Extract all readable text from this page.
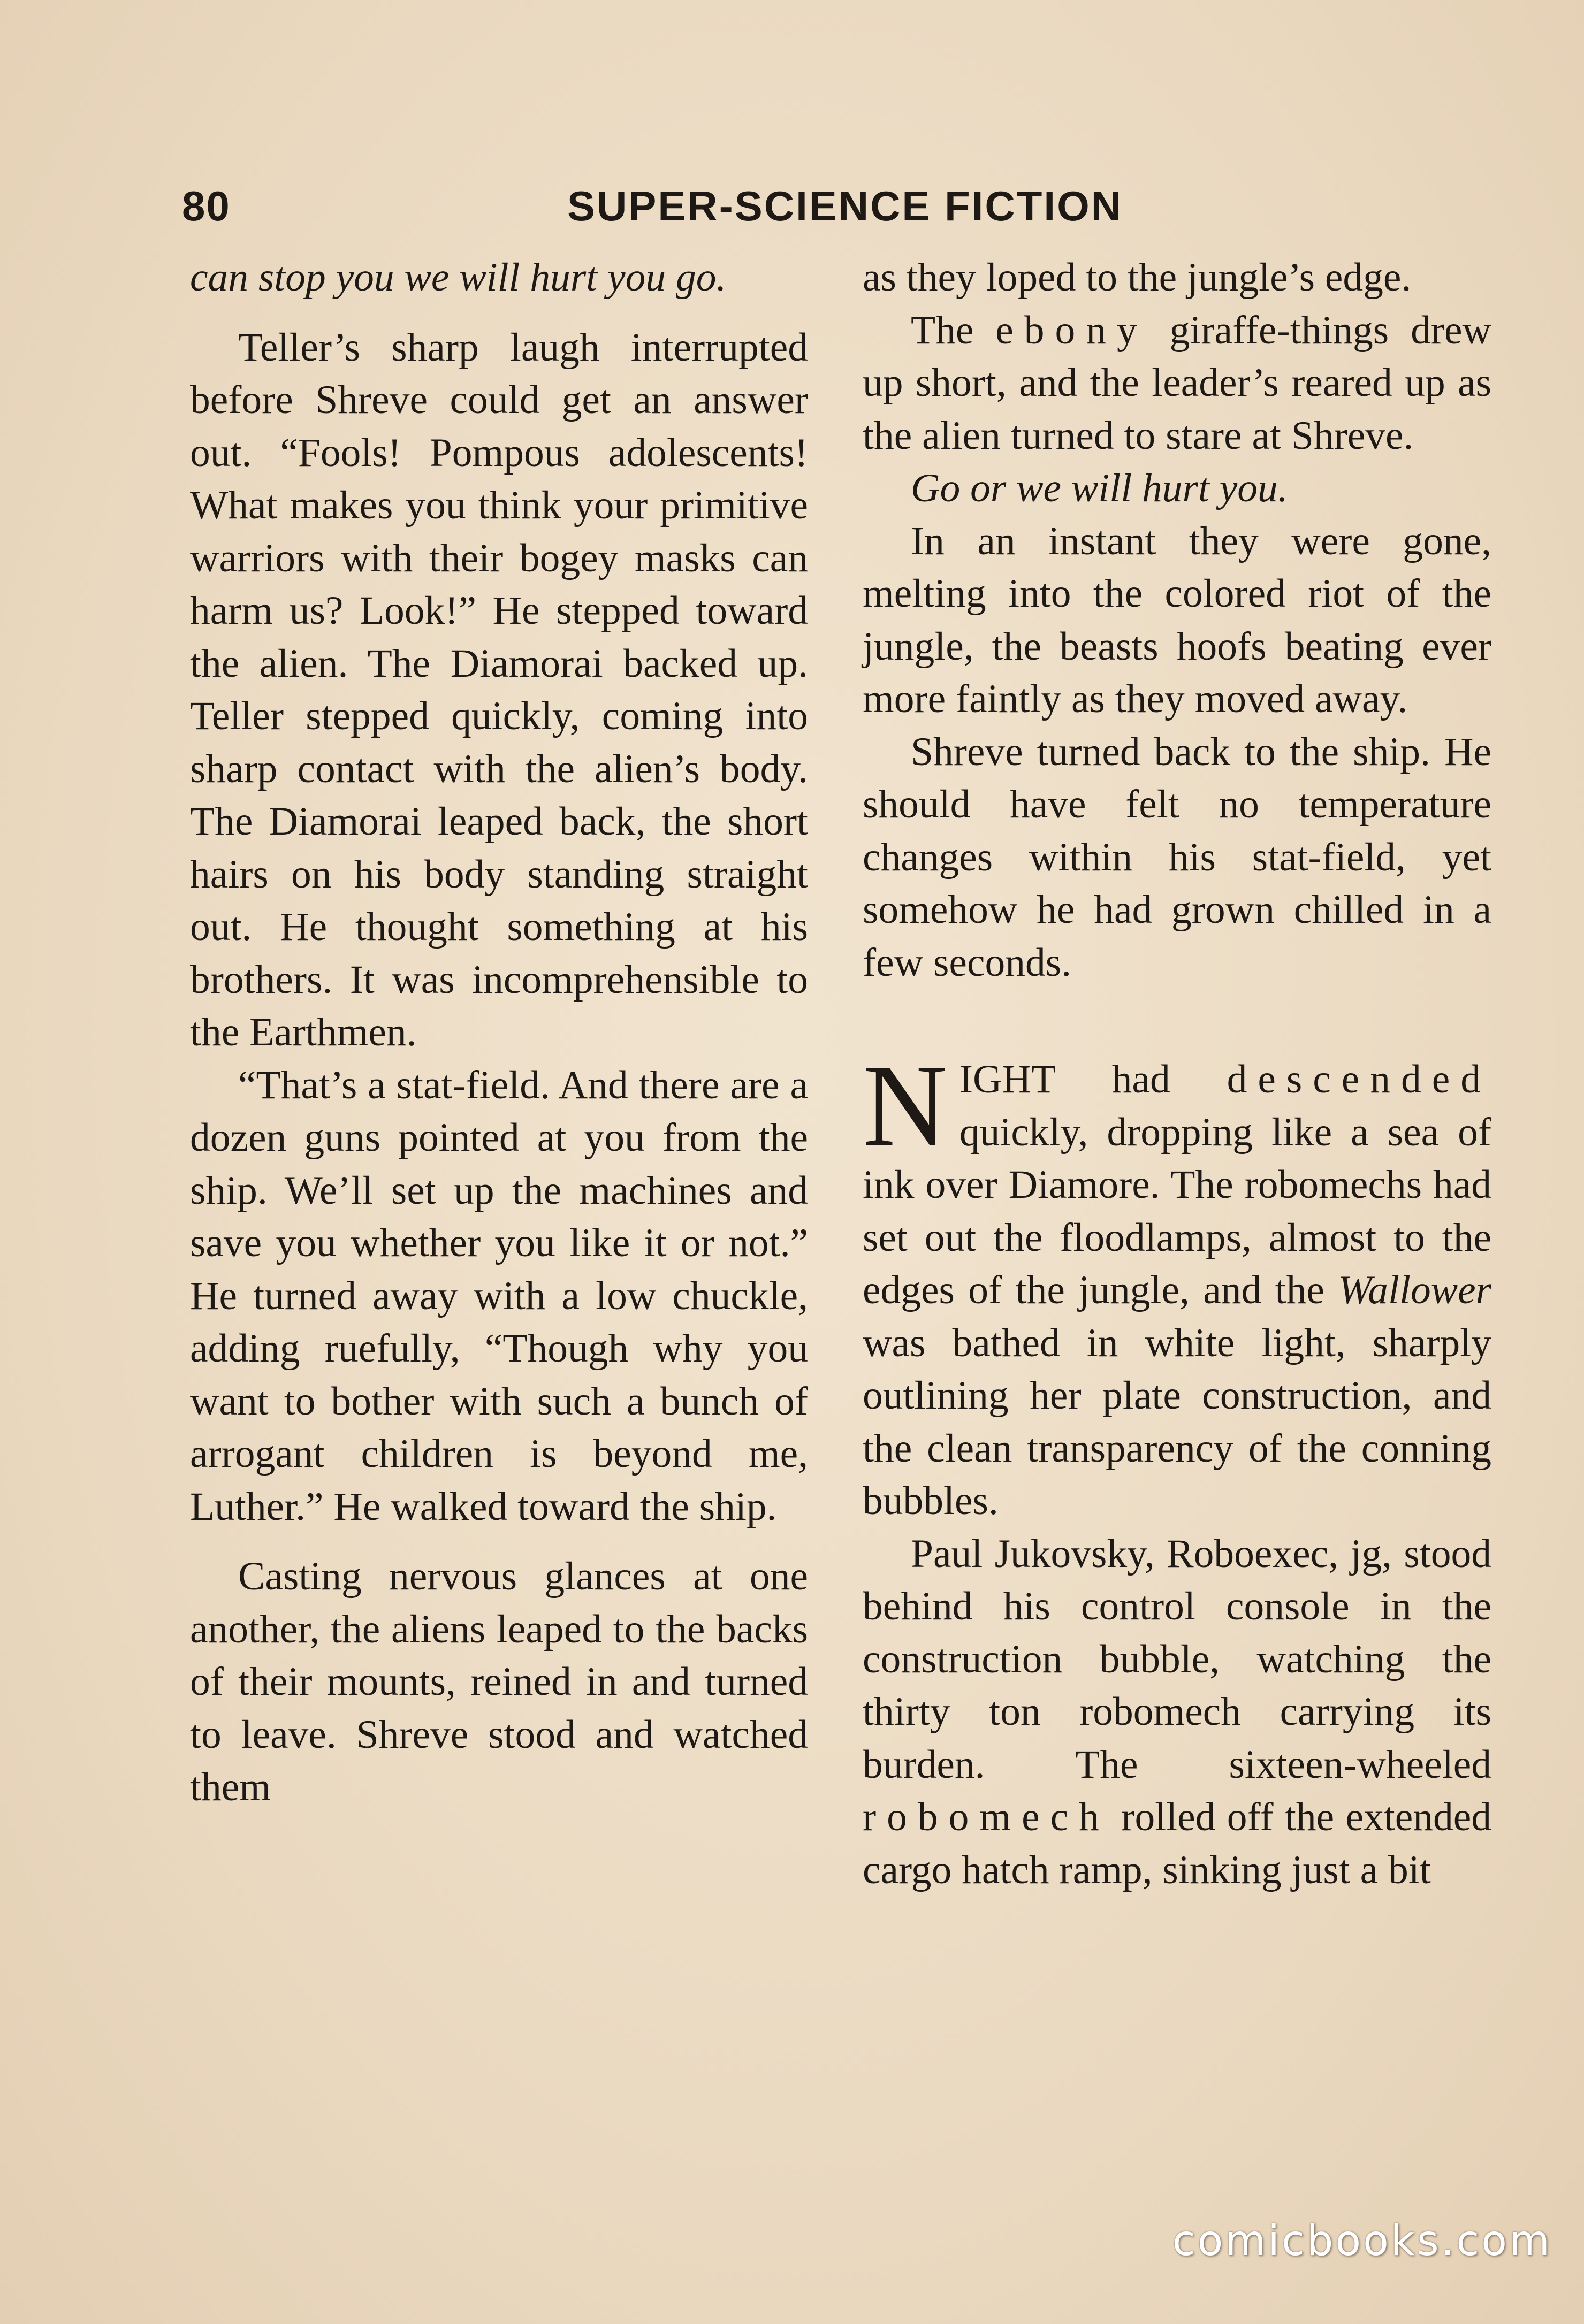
80	SUPER-SCIENCE FICTION

can stop you we will hurt you go.

Teller’s sharp laugh interrupted before Shreve could get an answer out. “Fools! Pompous adolescents! What makes you think your primitive warriors with their bogey masks can harm us? Look!” He stepped toward the alien. The Diamorai backed up. Teller stepped quickly, coming into sharp contact with the alien’s body. The Diamorai leaped back, the short hairs on his body standing straight out. He thought something at his brothers. It was incomprehensible to the Earthmen.

“That’s a stat-field. And there are a dozen guns pointed at you from the ship. We’ll set up the machines and save you whether you like it or not.” He turned away with a low chuckle, adding ruefully, “Though why you want to bother with such a bunch of arrogant children is beyond me, Luther.” He walked toward the ship.

Casting nervous glances at one another, the aliens leaped to the backs of their mounts, reined in and turned to leave. Shreve stood and watched them

as they loped to the jungle’s edge.

The ebony giraffe-things drew up short, and the leader’s reared up as the alien turned to stare at Shreve.

Go or we will hurt you.

In an instant they were gone, melting into the colored riot of the jungle, the beasts hoofs beating ever more faintly as they moved away.

Shreve turned back to the ship. He should have felt no temperature changes within his stat-field, yet somehow he had grown chilled in a few seconds.

NIGHT had descended quickly, dropping like a sea of ink over Diamore. The robomechs had set out the floodlamps, almost to the edges of the jungle, and the Wallower was bathed in white light, sharply outlining her plate construction, and the clean transparency of the conning bubbles.

Paul Jukovsky, Roboexec, jg, stood behind his control console in the construction bubble, watching the thirty ton robomech carrying its burden. The sixteen-wheeled robomech rolled off the extended cargo hatch ramp, sinking just a bit

comicbooks.com
